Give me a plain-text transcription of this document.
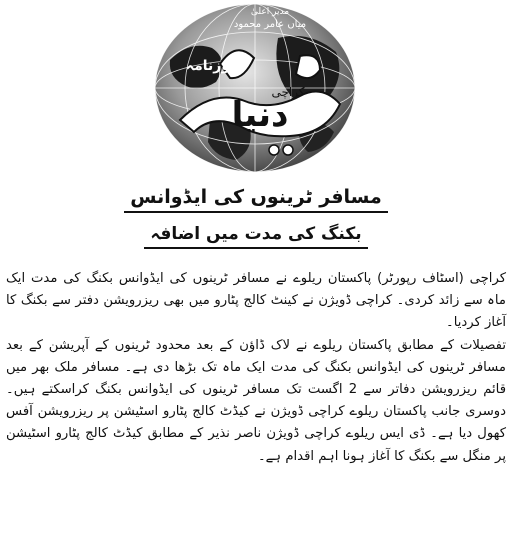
مدیر اعلیٰ
میاں عامر محمود
روزنامہ
دنیا
کراچی
مسافر ٹرینوں کی ایڈوانس
بکنگ کی مدت میں اضافہ

کراچی (اسٹاف رپورٹر) پاکستان ریلوے نے مسافر ٹرینوں کی ایڈوانس بکنگ کی مدت ایک ماہ سے زائد کردی۔ کراچی ڈویژن نے کینٹ کالج پٹارو میں بھی ریزرویشن دفتر سے بکنگ کا آغاز کردیا۔

تفصیلات کے مطابق پاکستان ریلوے نے لاک ڈاؤن کے بعد محدود ٹرینوں کے آپریشن کے بعد مسافر ٹرینوں کی ایڈوانس بکنگ کی مدت ایک ماہ تک بڑھا دی ہے۔ مسافر ملک بھر میں قائم ریزرویشن دفاتر سے 2 اگست تک مسافر ٹرینوں کی ایڈوانس بکنگ کراسکتے ہیں۔ دوسری جانب پاکستان ریلوے کراچی ڈویژن نے کیڈٹ کالج پٹارو اسٹیشن پر ریزرویشن آفس کھول دیا ہے۔ ڈی ایس ریلوے کراچی ڈویژن ناصر نذیر کے مطابق کیڈٹ کالج پٹارو اسٹیشن پر منگل سے بکنگ کا آغاز ہونا اہم اقدام ہے۔
